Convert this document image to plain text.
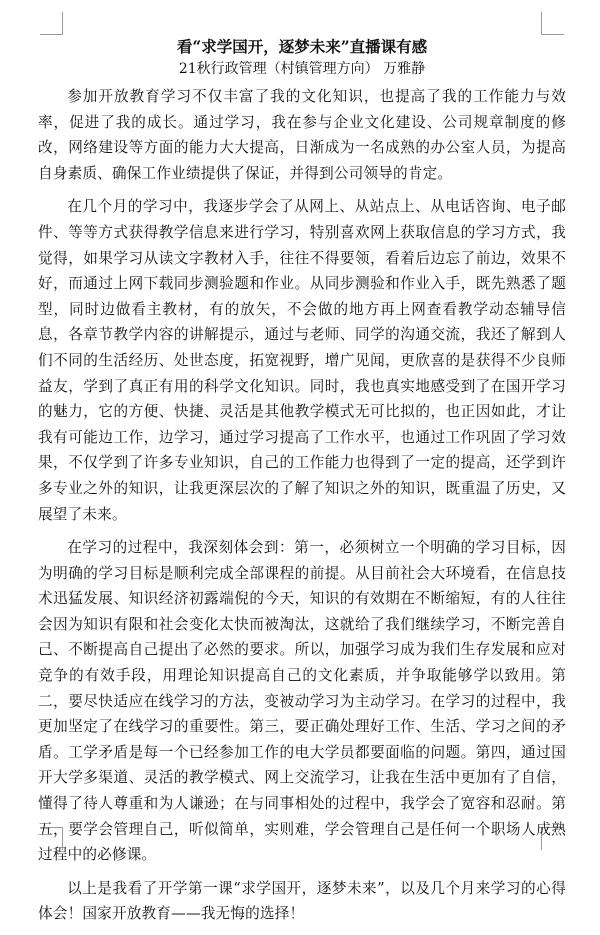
看“求学国开，逐梦未来”直播课有感

21秋行政管理（村镇管理方向） 万雅静

参加开放教育学习不仅丰富了我的文化知识，也提高了我的工作能力与效率，促进了我的成长。通过学习，我在参与企业文化建设、公司规章制度的修改，网络建设等方面的能力大大提高，日渐成为一名成熟的办公室人员，为提高自身素质、确保工作业绩提供了保证，并得到公司领导的肯定。

在几个月的学习中，我逐步学会了从网上、从站点上、从电话咨询、电子邮件、等等方式获得教学信息来进行学习，特别喜欢网上获取信息的学习方式，我觉得，如果学习从读文字教材入手，往往不得要领，看着后边忘了前边，效果不好，而通过上网下载同步测验题和作业。从同步测验和作业入手，既先熟悉了题型，同时边做看主教材，有的放矢，不会做的地方再上网查看教学动态辅导信息，各章节教学内容的讲解提示，通过与老师、同学的沟通交流，我还了解到人们不同的生活经历、处世态度，拓宽视野，增广见闻，更欣喜的是获得不少良师益友，学到了真正有用的科学文化知识。同时，我也真实地感受到了在国开学习的魅力，它的方便、快捷、灵活是其他教学模式无可比拟的，也正因如此，才让我有可能边工作，边学习，通过学习提高了工作水平，也通过工作巩固了学习效果，不仅学到了许多专业知识，自己的工作能力也得到了一定的提高，还学到许多专业之外的知识，让我更深层次的了解了知识之外的知识，既重温了历史，又展望了未来。

在学习的过程中，我深刻体会到：第一，必须树立一个明确的学习目标，因为明确的学习目标是顺利完成全部课程的前提。从目前社会大环境看，在信息技术迅猛发展、知识经济初露端倪的今天，知识的有效期在不断缩短，有的人往往会因为知识有限和社会变化太快而被淘汰，这就给了我们继续学习，不断完善自己、不断提高自己提出了必然的要求。所以，加强学习成为我们生存发展和应对竞争的有效手段，用理论知识提高自己的文化素质，并争取能够学以致用。第二，要尽快适应在线学习的方法，变被动学习为主动学习。在学习的过程中，我更加坚定了在线学习的重要性。第三，要正确处理好工作、生活、学习之间的矛盾。工学矛盾是每一个已经参加工作的电大学员都要面临的问题。第四，通过国开大学多渠道、灵活的教学模式、网上交流学习，让我在生活中更加有了自信，懂得了待人尊重和为人谦逊；在与同事相处的过程中，我学会了宽容和忍耐。第五，要学会管理自己，听似简单，实则难，学会管理自己是任何一个职场人成熟过程中的必修课。

以上是我看了开学第一课“求学国开，逐梦未来”，以及几个月来学习的心得体会！国家开放教育——我无悔的选择！
